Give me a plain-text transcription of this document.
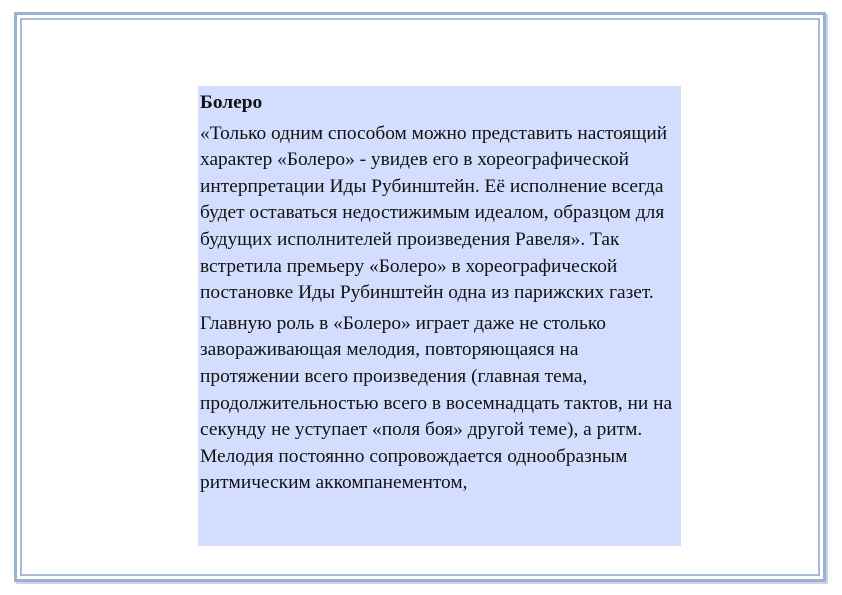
Болеро

«Только одним способом можно представить настоящий характер «Болеро» - увидев его в хореографической интерпретации Иды Рубинштейн. Её исполнение всегда будет оставаться недостижимым идеалом, образцом для будущих исполнителей произведения Равеля». Так встретила премьеру «Болеро» в хореографической постановке Иды Рубинштейн одна из парижских газет.

Главную роль в «Болеро» играет даже не столько завораживающая мелодия, повторяющаяся на протяжении всего произведения (главная тема, продолжительностью всего в восемнадцать тактов, ни на секунду не уступает «поля боя» другой теме), а ритм. Мелодия постоянно сопровождается однообразным ритмическим аккомпанементом,
